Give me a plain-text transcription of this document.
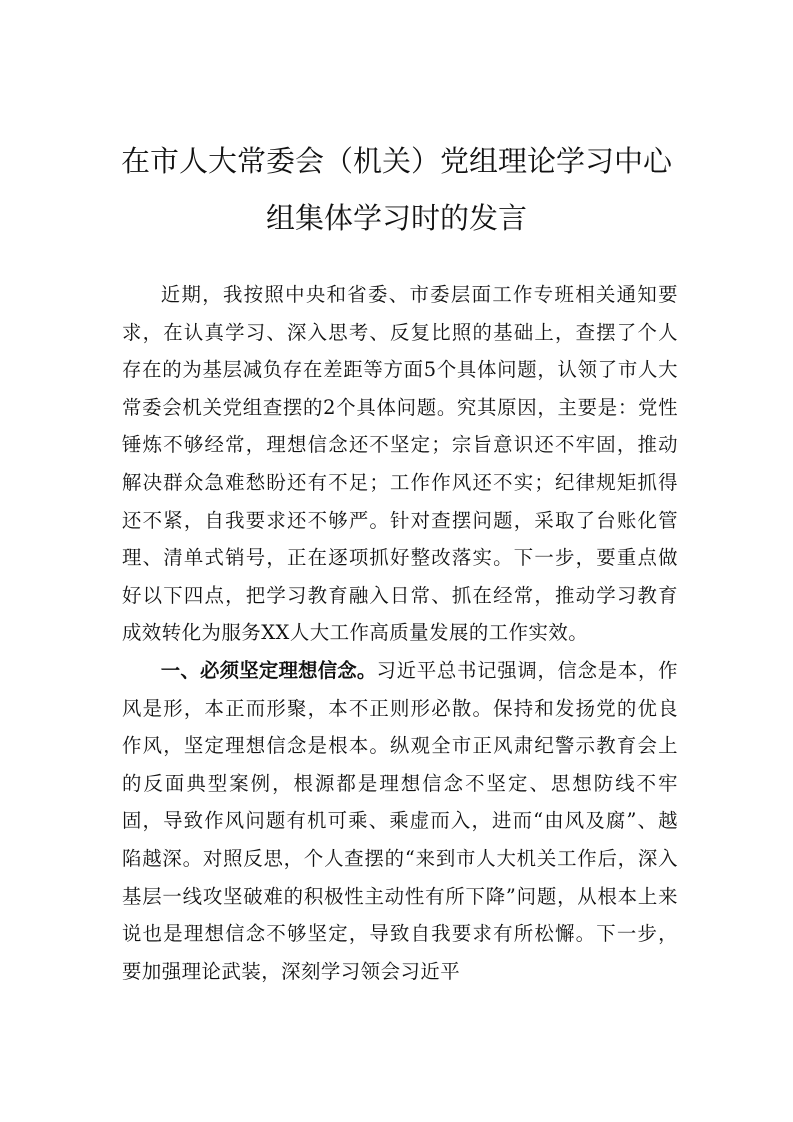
在市人大常委会（机关）党组理论学习中心
组集体学习时的发言

近期，我按照中央和省委、市委层面工作专班相关通知要求，在认真学习、深入思考、反复比照的基础上，查摆了个人存在的为基层减负存在差距等方面5个具体问题，认领了市人大常委会机关党组查摆的2个具体问题。究其原因，主要是：党性锤炼不够经常，理想信念还不坚定；宗旨意识还不牢固，推动解决群众急难愁盼还有不足；工作作风还不实；纪律规矩抓得还不紧，自我要求还不够严。针对查摆问题，采取了台账化管理、清单式销号，正在逐项抓好整改落实。下一步，要重点做好以下四点，把学习教育融入日常、抓在经常，推动学习教育成效转化为服务XX人大工作高质量发展的工作实效。

一、必须坚定理想信念。习近平总书记强调，信念是本，作风是形，本正而形聚，本不正则形必散。保持和发扬党的优良作风，坚定理想信念是根本。纵观全市正风肃纪警示教育会上的反面典型案例，根源都是理想信念不坚定、思想防线不牢固，导致作风问题有机可乘、乘虚而入，进而“由风及腐”、越陷越深。对照反思，个人查摆的“来到市人大机关工作后，深入基层一线攻坚破难的积极性主动性有所下降”问题，从根本上来说也是理想信念不够坚定，导致自我要求有所松懈。下一步，要加强理论武装，深刻学习领会习近平
